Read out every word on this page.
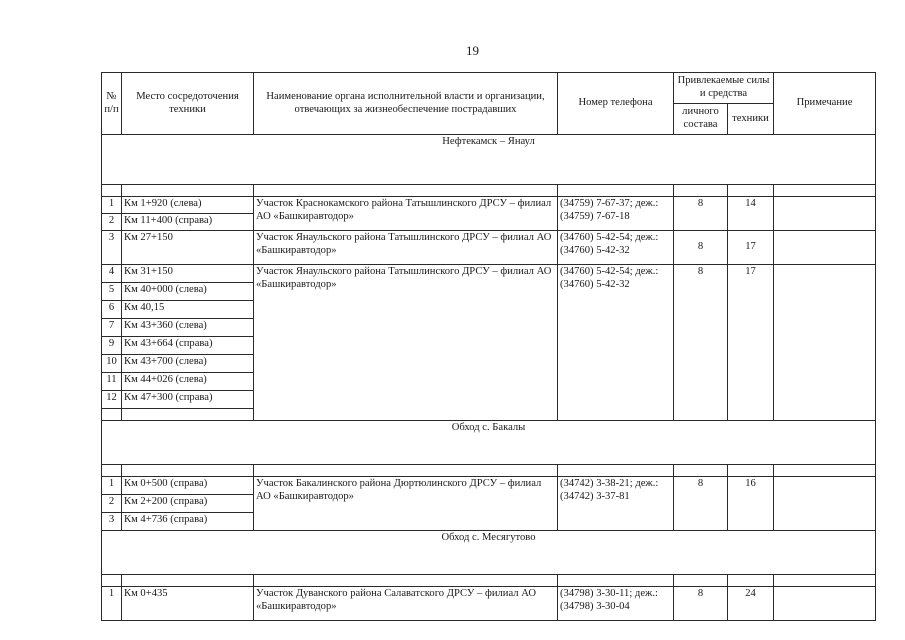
19
№ п/п	Место сосредоточения техники	Наименование органа исполнительной власти и организации, отвечающих за жизнеобеспечение пострадавших	Номер телефона	Привлекаемые силы и средства		Примечание
				личного состава	техники	
Нефтекамск – Янаул						

1	Км 1+920 (слева)	Участок Краснокамского района Татышлинского ДРСУ – филиал АО «Башкиравтодор»	(34759) 7-67-37; деж.: (34759) 7-67-18	8	14	
2	Км 11+400 (справа)					
3	Км 27+150	Участок Янаульского района Татышлинского ДРСУ – филиал АО «Башкиравтодор»	(34760) 5-42-54; деж.: (34760) 5-42-32	8	17	
4	Км 31+150	Участок Янаульского района Татышлинского ДРСУ – филиал АО «Башкиравтодор»	(34760) 5-42-54; деж.: (34760) 5-42-32	8	17	
5	Км 40+000 (слева)					
6	Км 40,15					
7	Км 43+360 (слева)					
9	Км 43+664 (справа)					
10	Км 43+700 (слева)					
11	Км 44+026 (слева)					
12	Км 47+300 (справа)					

Обход с. Бакалы						

1	Км 0+500 (справа)	Участок Бакалинского района Дюртюлинского ДРСУ – филиал АО «Башкиравтодор»	(34742) 3-38-21; деж.: (34742) 3-37-81	8	16	
2	Км 2+200 (справа)					
3	Км 4+736 (справа)					
Обход с. Месягутово						

1	Км 0+435	Участок Дуванского района Салаватского ДРСУ – филиал АО «Башкиравтодор»	(34798) 3-30-11; деж.: (34798) 3-30-04	8	24	
